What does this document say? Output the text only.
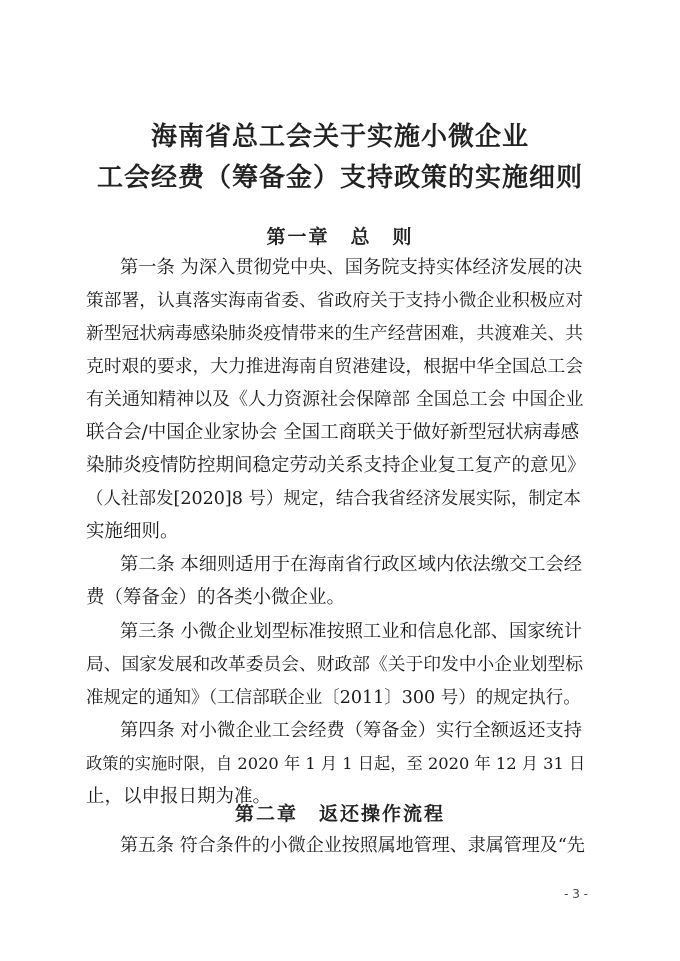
海南省总工会关于实施小微企业
工会经费（筹备金）支持政策的实施细则
第一章　总　则
第一条 为深入贯彻党中央、国务院支持实体经济发展的决
策部署，认真落实海南省委、省政府关于支持小微企业积极应对
新型冠状病毒感染肺炎疫情带来的生产经营困难，共渡难关、共
克时艰的要求，大力推进海南自贸港建设，根据中华全国总工会
有关通知精神以及《人力资源社会保障部 全国总工会 中国企业
联合会/中国企业家协会 全国工商联关于做好新型冠状病毒感
染肺炎疫情防控期间稳定劳动关系支持企业复工复产的意见》
（人社部发[2020]8 号）规定，结合我省经济发展实际，制定本
实施细则。
第二条 本细则适用于在海南省行政区域内依法缴交工会经
费（筹备金）的各类小微企业。
第三条 小微企业划型标准按照工业和信息化部、国家统计
局、国家发展和改革委员会、财政部《关于印发中小企业划型标
准规定的通知》（工信部联企业〔2011〕300 号）的规定执行。
第四条 对小微企业工会经费（筹备金）实行全额返还支持
政策的实施时限，自 2020 年 1 月 1 日起，至 2020 年 12 月 31 日
止，以申报日期为准。
第二章　返还操作流程
第五条 符合条件的小微企业按照属地管理、隶属管理及“先
- 3 -
